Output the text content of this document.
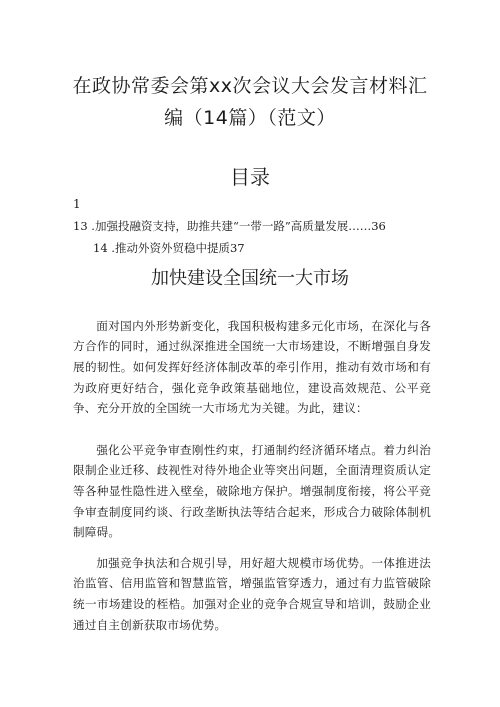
在政协常委会第xx次会议大会发言材料汇
编（14篇）（范文）
目录
1
13 .加强投融资支持，助推共建“一带一路”高质量发展……36
14 .推动外资外贸稳中提质37
加快建设全国统一大市场

面对国内外形势新变化，我国积极构建多元化市场，在深化与各方合作的同时，通过纵深推进全国统一大市场建设，不断增强自身发展的韧性。如何发挥好经济体制改革的牵引作用，推动有效市场和有为政府更好结合，强化竞争政策基础地位，建设高效规范、公平竞争、充分开放的全国统一大市场尤为关键。为此，建议：

强化公平竞争审查刚性约束，打通制约经济循环堵点。着力纠治限制企业迁移、歧视性对待外地企业等突出问题，全面清理资质认定等各种显性隐性进入壁垒，破除地方保护。增强制度衔接，将公平竞争审查制度同约谈、行政垄断执法等结合起来，形成合力破除体制机制障碍。

加强竞争执法和合规引导，用好超大规模市场优势。一体推进法治监管、信用监管和智慧监管，增强监管穿透力，通过有力监管破除统一市场建设的桎梏。加强对企业的竞争合规宣导和培训，鼓励企业通过自主创新获取市场优势。
